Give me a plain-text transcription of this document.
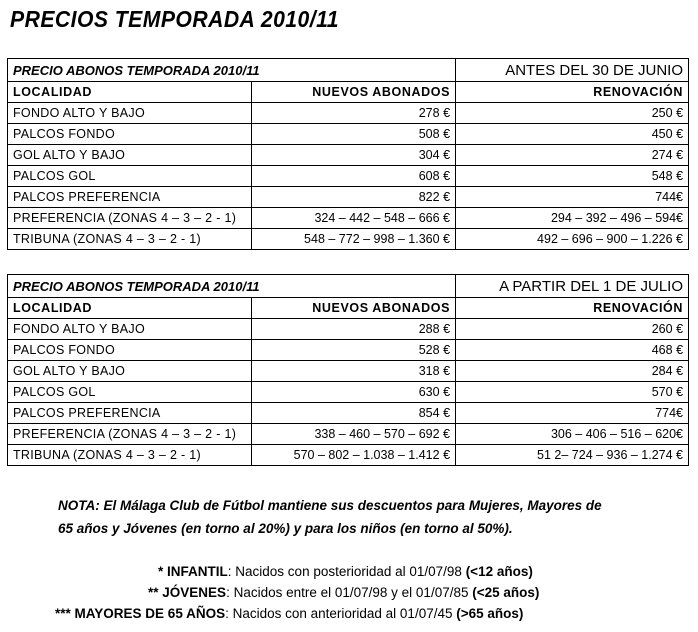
PRECIOS TEMPORADA 2010/11
PRECIO ABONOS TEMPORADA 2010/11		ANTES DEL 30 DE JUNIO
LOCALIDAD	NUEVOS ABONADOS	RENOVACIÓN
FONDO ALTO Y BAJO	278 €	250 €
PALCOS FONDO	508 €	450 €
GOL ALTO Y BAJO	304 €	274 €
PALCOS GOL	608 €	548 €
PALCOS PREFERENCIA	822 €	744€
PREFERENCIA (ZONAS 4 – 3 – 2 - 1)	324 – 442 – 548 – 666 €	294 – 392 – 496 – 594€
TRIBUNA (ZONAS 4 – 3 – 2 - 1)	548 – 772 – 998 – 1.360 €	492 – 696 – 900 – 1.226 €
PRECIO ABONOS TEMPORADA 2010/11		A PARTIR DEL 1 DE JULIO
LOCALIDAD	NUEVOS ABONADOS	RENOVACIÓN
FONDO ALTO Y BAJO	288 €	260 €
PALCOS FONDO	528 €	468 €
GOL ALTO Y BAJO	318 €	284 €
PALCOS GOL	630 €	570 €
PALCOS PREFERENCIA	854 €	774€
PREFERENCIA (ZONAS 4 – 3 – 2 - 1)	338 – 460 – 570 – 692 €	306 – 406 – 516 – 620€
TRIBUNA (ZONAS 4 – 3 – 2 - 1)	570 – 802 – 1.038 – 1.412 €	51 2– 724 – 936 – 1.274 €
NOTA: El Málaga Club de Fútbol mantiene sus descuentos para Mujeres, Mayores de
65 años y Jóvenes (en torno al 20%) y para los niños (en torno al 50%).
* INFANTIL: Nacidos con posterioridad al 01/07/98 (<12 años)
** JÓVENES: Nacidos entre el 01/07/98 y el 01/07/85 (<25 años)
*** MAYORES DE 65 AÑOS: Nacidos con anterioridad al 01/07/45 (>65 años)
